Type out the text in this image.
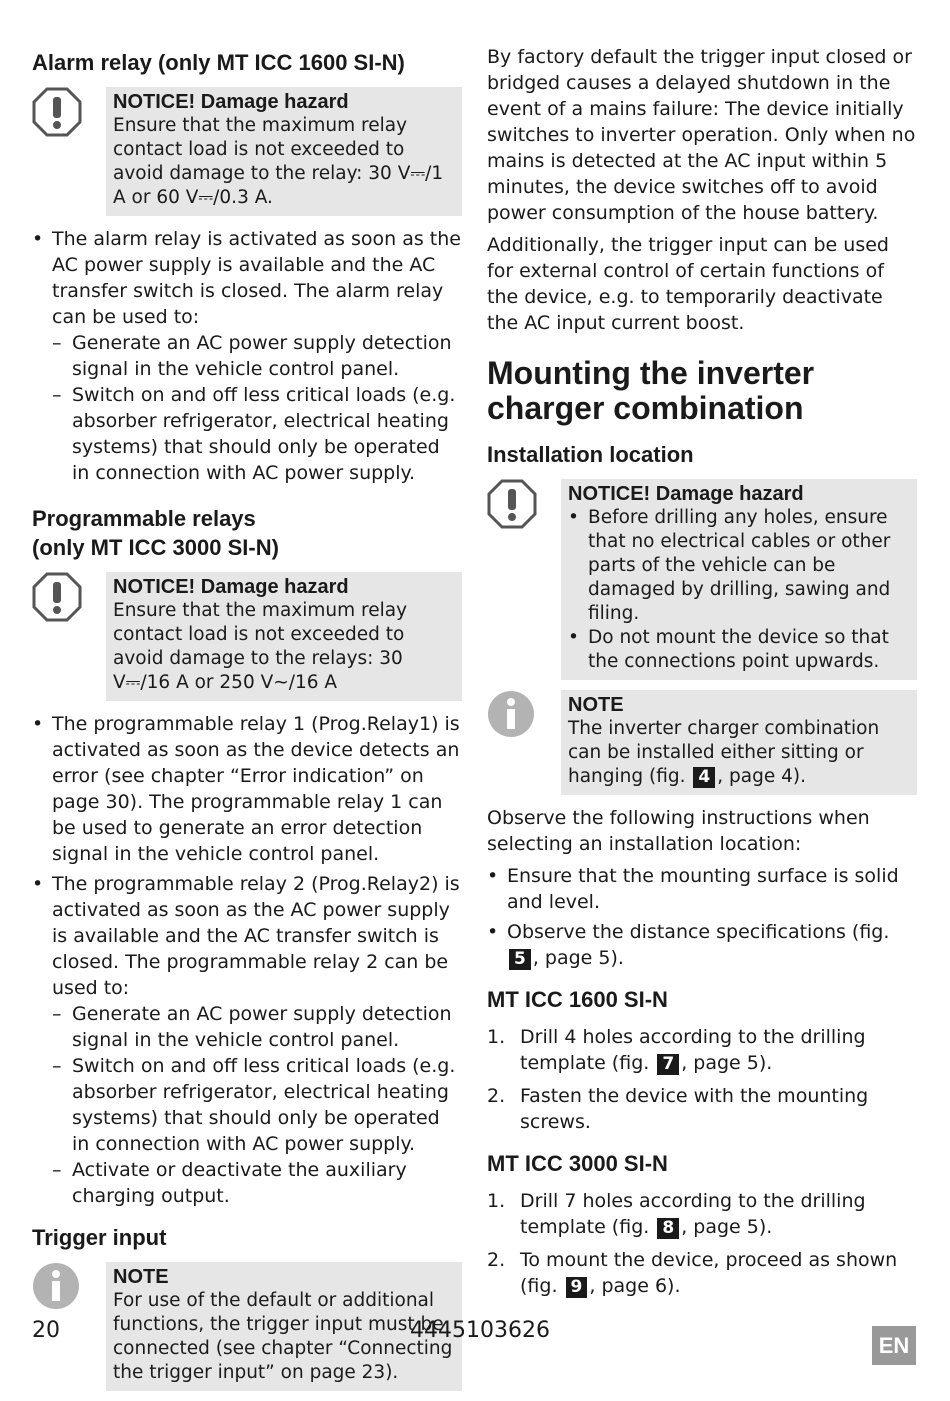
Alarm relay (only MT ICC 1600 SI-N)
NOTICE! Damage hazard
Ensure that the maximum relay contact load is not exceeded to avoid damage to the relay: 30 V⎓/1 A or 60 V⎓/0.3 A.
• The alarm relay is activated as soon as the AC power supply is available and the AC transfer switch is closed. The alarm relay can be used to:
– Generate an AC power supply detection signal in the vehicle control panel.
– Switch on and off less critical loads (e.g. absorber refrigerator, electrical heating systems) that should only be operated in connection with AC power supply.
Programmable relays
(only MT ICC 3000 SI-N)
NOTICE! Damage hazard
Ensure that the maximum relay contact load is not exceeded to avoid damage to the relays: 30 V⎓/16 A or 250 V∼/16 A
• The programmable relay 1 (Prog.Relay1) is activated as soon as the device detects an error (see chapter “Error indication” on page 30). The programmable relay 1 can be used to generate an error detection signal in the vehicle control panel.
• The programmable relay 2 (Prog.Relay2) is activated as soon as the AC power supply is available and the AC transfer switch is closed. The programmable relay 2 can be used to:
– Generate an AC power supply detection signal in the vehicle control panel.
– Switch on and off less critical loads (e.g. absorber refrigerator, electrical heating systems) that should only be operated in connection with AC power supply.
– Activate or deactivate the auxiliary charging output.
Trigger input
NOTE
For use of the default or additional functions, the trigger input must be connected (see chapter “Connecting the trigger input” on page 23).

By factory default the trigger input closed or bridged causes a delayed shutdown in the event of a mains failure: The device initially switches to inverter operation. Only when no mains is detected at the AC input within 5 minutes, the device switches off to avoid power consumption of the house battery.

Additionally, the trigger input can be used for external control of certain functions of the device, e.g. to temporarily deactivate the AC input current boost.

Mounting the inverter
charger combination
Installation location
NOTICE! Damage hazard
• Before drilling any holes, ensure that no electrical cables or other parts of the vehicle can be damaged by drilling, sawing and filing.
• Do not mount the device so that the connections point upwards.
NOTE
The inverter charger combination can be installed either sitting or hanging (fig. 4 , page 4).

Observe the following instructions when selecting an installation location:

• Ensure that the mounting surface is solid and level.
• Observe the distance specifications (fig. 5 , page 5).
MT ICC 1600 SI-N
1. Drill 4 holes according to the drilling template (fig. 7 , page 5).
2. Fasten the device with the mounting screws.
MT ICC 3000 SI-N
1. Drill 7 holes according to the drilling template (fig. 8 , page 5).
2. To mount the device, proceed as shown (fig. 9 , page 6).
20	4445103626
EN
